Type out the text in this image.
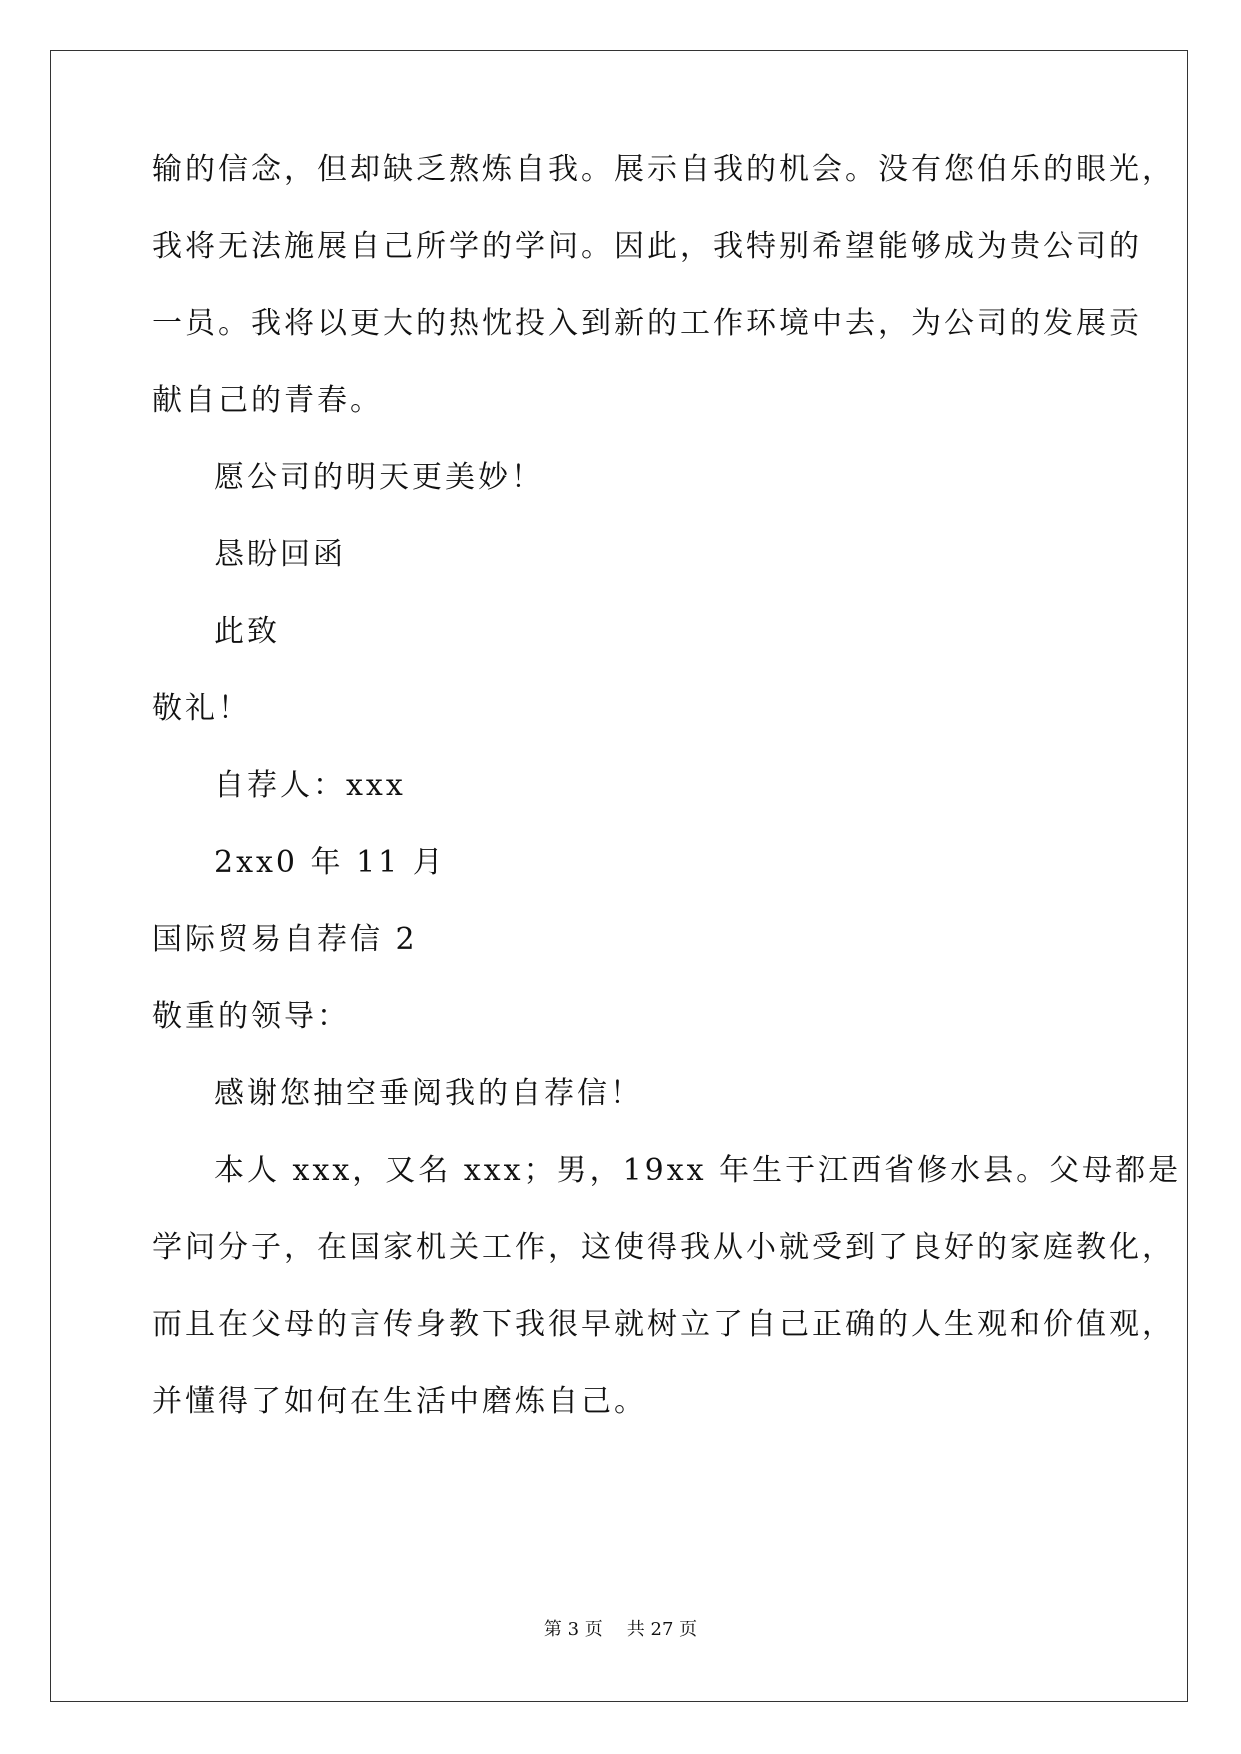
输的信念，但却缺乏熬炼自我。展示自我的机会。没有您伯乐的眼光，
我将无法施展自己所学的学问。因此，我特别希望能够成为贵公司的
一员。我将以更大的热忱投入到新的工作环境中去，为公司的发展贡
献自己的青春。
愿公司的明天更美妙！
恳盼回函
此致
敬礼！
自荐人：xxx
2xx0 年 11 月
国际贸易自荐信 2
敬重的领导：
感谢您抽空垂阅我的自荐信！
本人 xxx，又名 xxx；男，19xx 年生于江西省修水县。父母都是
学问分子，在国家机关工作，这使得我从小就受到了良好的家庭教化，
而且在父母的言传身教下我很早就树立了自己正确的人生观和价值观，
并懂得了如何在生活中磨炼自己。
第 3 页 共 27 页
